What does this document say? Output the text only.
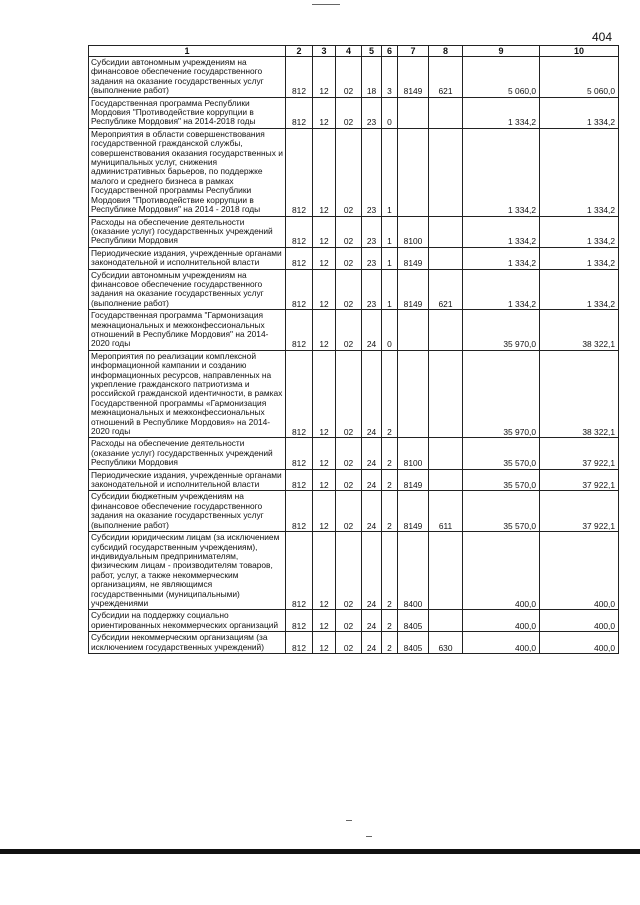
404
1	2	3	4	5	6	7	8	9	10
Субсидии автономным учреждениям на финансовое обеспечение государственного задания на оказание государственных услуг (выполнение работ)	812	12	02	18	3	8149	621	5 060,0	5 060,0
Государственная программа Республики Мордовия "Противодействие коррупции в Республике Мордовия" на 2014-2018 годы	812	12	02	23	0			1 334,2	1 334,2
Мероприятия в области совершенствования государственной гражданской службы, совершенствования оказания государственных и муниципальных услуг, снижения административных барьеров, по поддержке малого и среднего бизнеса в рамках Государственной программы Республики Мордовия "Противодействие коррупции в Республике Мордовия" на 2014 - 2018 годы	812	12	02	23	1			1 334,2	1 334,2
Расходы на обеспечение деятельности (оказание услуг) государственных учреждений Республики Мордовия	812	12	02	23	1	8100		1 334,2	1 334,2
Периодические издания, учрежденные органами законодательной и исполнительной власти	812	12	02	23	1	8149		1 334,2	1 334,2
Субсидии автономным учреждениям на финансовое обеспечение государственного задания на оказание государственных услуг (выполнение работ)	812	12	02	23	1	8149	621	1 334,2	1 334,2
Государственная программа "Гармонизация межнациональных и межконфессиональных отношений в Республике Мордовия" на 2014-2020 годы	812	12	02	24	0			35 970,0	38 322,1
Мероприятия по реализации комплексной информационной кампании и созданию информационных ресурсов, направленных на укрепление гражданского патриотизма и российской гражданской идентичности, в рамках Государственной программы «Гармонизация межнациональных и межконфессиональных отношений в Республике Мордовия» на 2014-2020 годы	812	12	02	24	2			35 970,0	38 322,1
Расходы на обеспечение деятельности (оказание услуг) государственных учреждений Республики Мордовия	812	12	02	24	2	8100		35 570,0	37 922,1
Периодические издания, учрежденные органами законодательной и исполнительной власти	812	12	02	24	2	8149		35 570,0	37 922,1
Субсидии бюджетным учреждениям на финансовое обеспечение государственного задания на оказание государственных услуг (выполнение работ)	812	12	02	24	2	8149	611	35 570,0	37 922,1
Субсидии юридическим лицам (за исключением субсидий государственным учреждениям), индивидуальным предпринимателям, физическим лицам - производителям товаров, работ, услуг, а также некоммерческим организациям, не являющимся государственными (муниципальными) учреждениями	812	12	02	24	2	8400		400,0	400,0
Субсидии на поддержку социально ориентированных некоммерческих организаций	812	12	02	24	2	8405		400,0	400,0
Субсидии некоммерческим организациям (за исключением государственных учреждений)	812	12	02	24	2	8405	630	400,0	400,0
